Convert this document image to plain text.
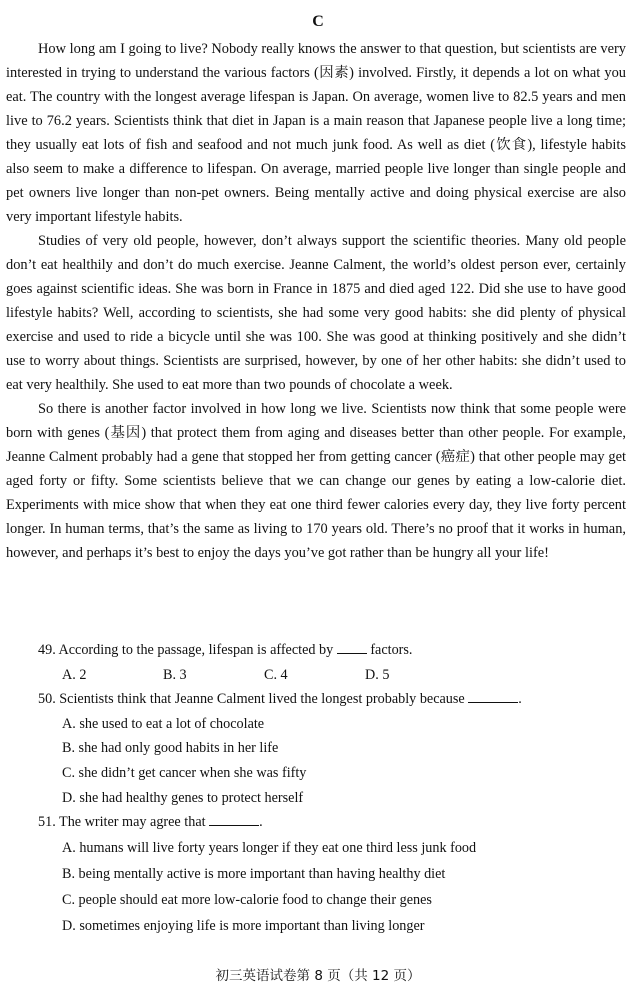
C

How long am I going to live? Nobody really knows the answer to that question, but scientists are very interested in trying to understand the various factors (因素) involved. Firstly, it depends a lot on what you eat. The country with the longest average lifespan is Japan. On average, women live to 82.5 years and men live to 76.2 years. Scientists think that diet in Japan is a main reason that Japanese people live a long time; they usually eat lots of fish and seafood and not much junk food. As well as diet (饮食), lifestyle habits also seem to make a difference to lifespan. On average, married people live longer than single people and pet owners live longer than non-pet owners. Being mentally active and doing physical exercise are also very important lifestyle habits.

Studies of very old people, however, don’t always support the scientific theories. Many old people don’t eat healthily and don’t do much exercise. Jeanne Calment, the world’s oldest person ever, certainly goes against scientific ideas. She was born in France in 1875 and died aged 122. Did she use to have good lifestyle habits? Well, according to scientists, she had some very good habits: she did plenty of physical exercise and used to ride a bicycle until she was 100. She was good at thinking positively and she didn’t use to worry about things. Scientists are surprised, however, by one of her other habits: she didn’t used to eat very healthily. She used to eat more than two pounds of chocolate a week.

So there is another factor involved in how long we live. Scientists now think that some people were born with genes (基因) that protect them from aging and diseases better than other people. For example, Jeanne Calment probably had a gene that stopped her from getting cancer (癌症) that other people may get aged forty or fifty. Some scientists believe that we can change our genes by eating a low-calorie diet. Experiments with mice show that when they eat one third fewer calories every day, they live forty percent longer. In human terms, that’s the same as living to 170 years old. There’s no proof that it works in human, however, and perhaps it’s best to enjoy the days you’ve got rather than be hungry all your life!

49. According to the passage, lifespan is affected by  factors.

A. 2	B. 3	C. 4	D. 5

50. Scientists think that Jeanne Calment lived the longest probably because	.

A. she used to eat a lot of chocolate

B. she had only good habits in her life

C. she didn’t get cancer when she was fifty

D. she had healthy genes to protect herself

51. The writer may agree that	.

A. humans will live forty years longer if they eat one third less junk food

B. being mentally active is more important than having healthy diet

C. people should eat more low-calorie food to change their genes

D. sometimes enjoying life is more important than living longer

初三英语试卷第 8 页（共 12 页）
